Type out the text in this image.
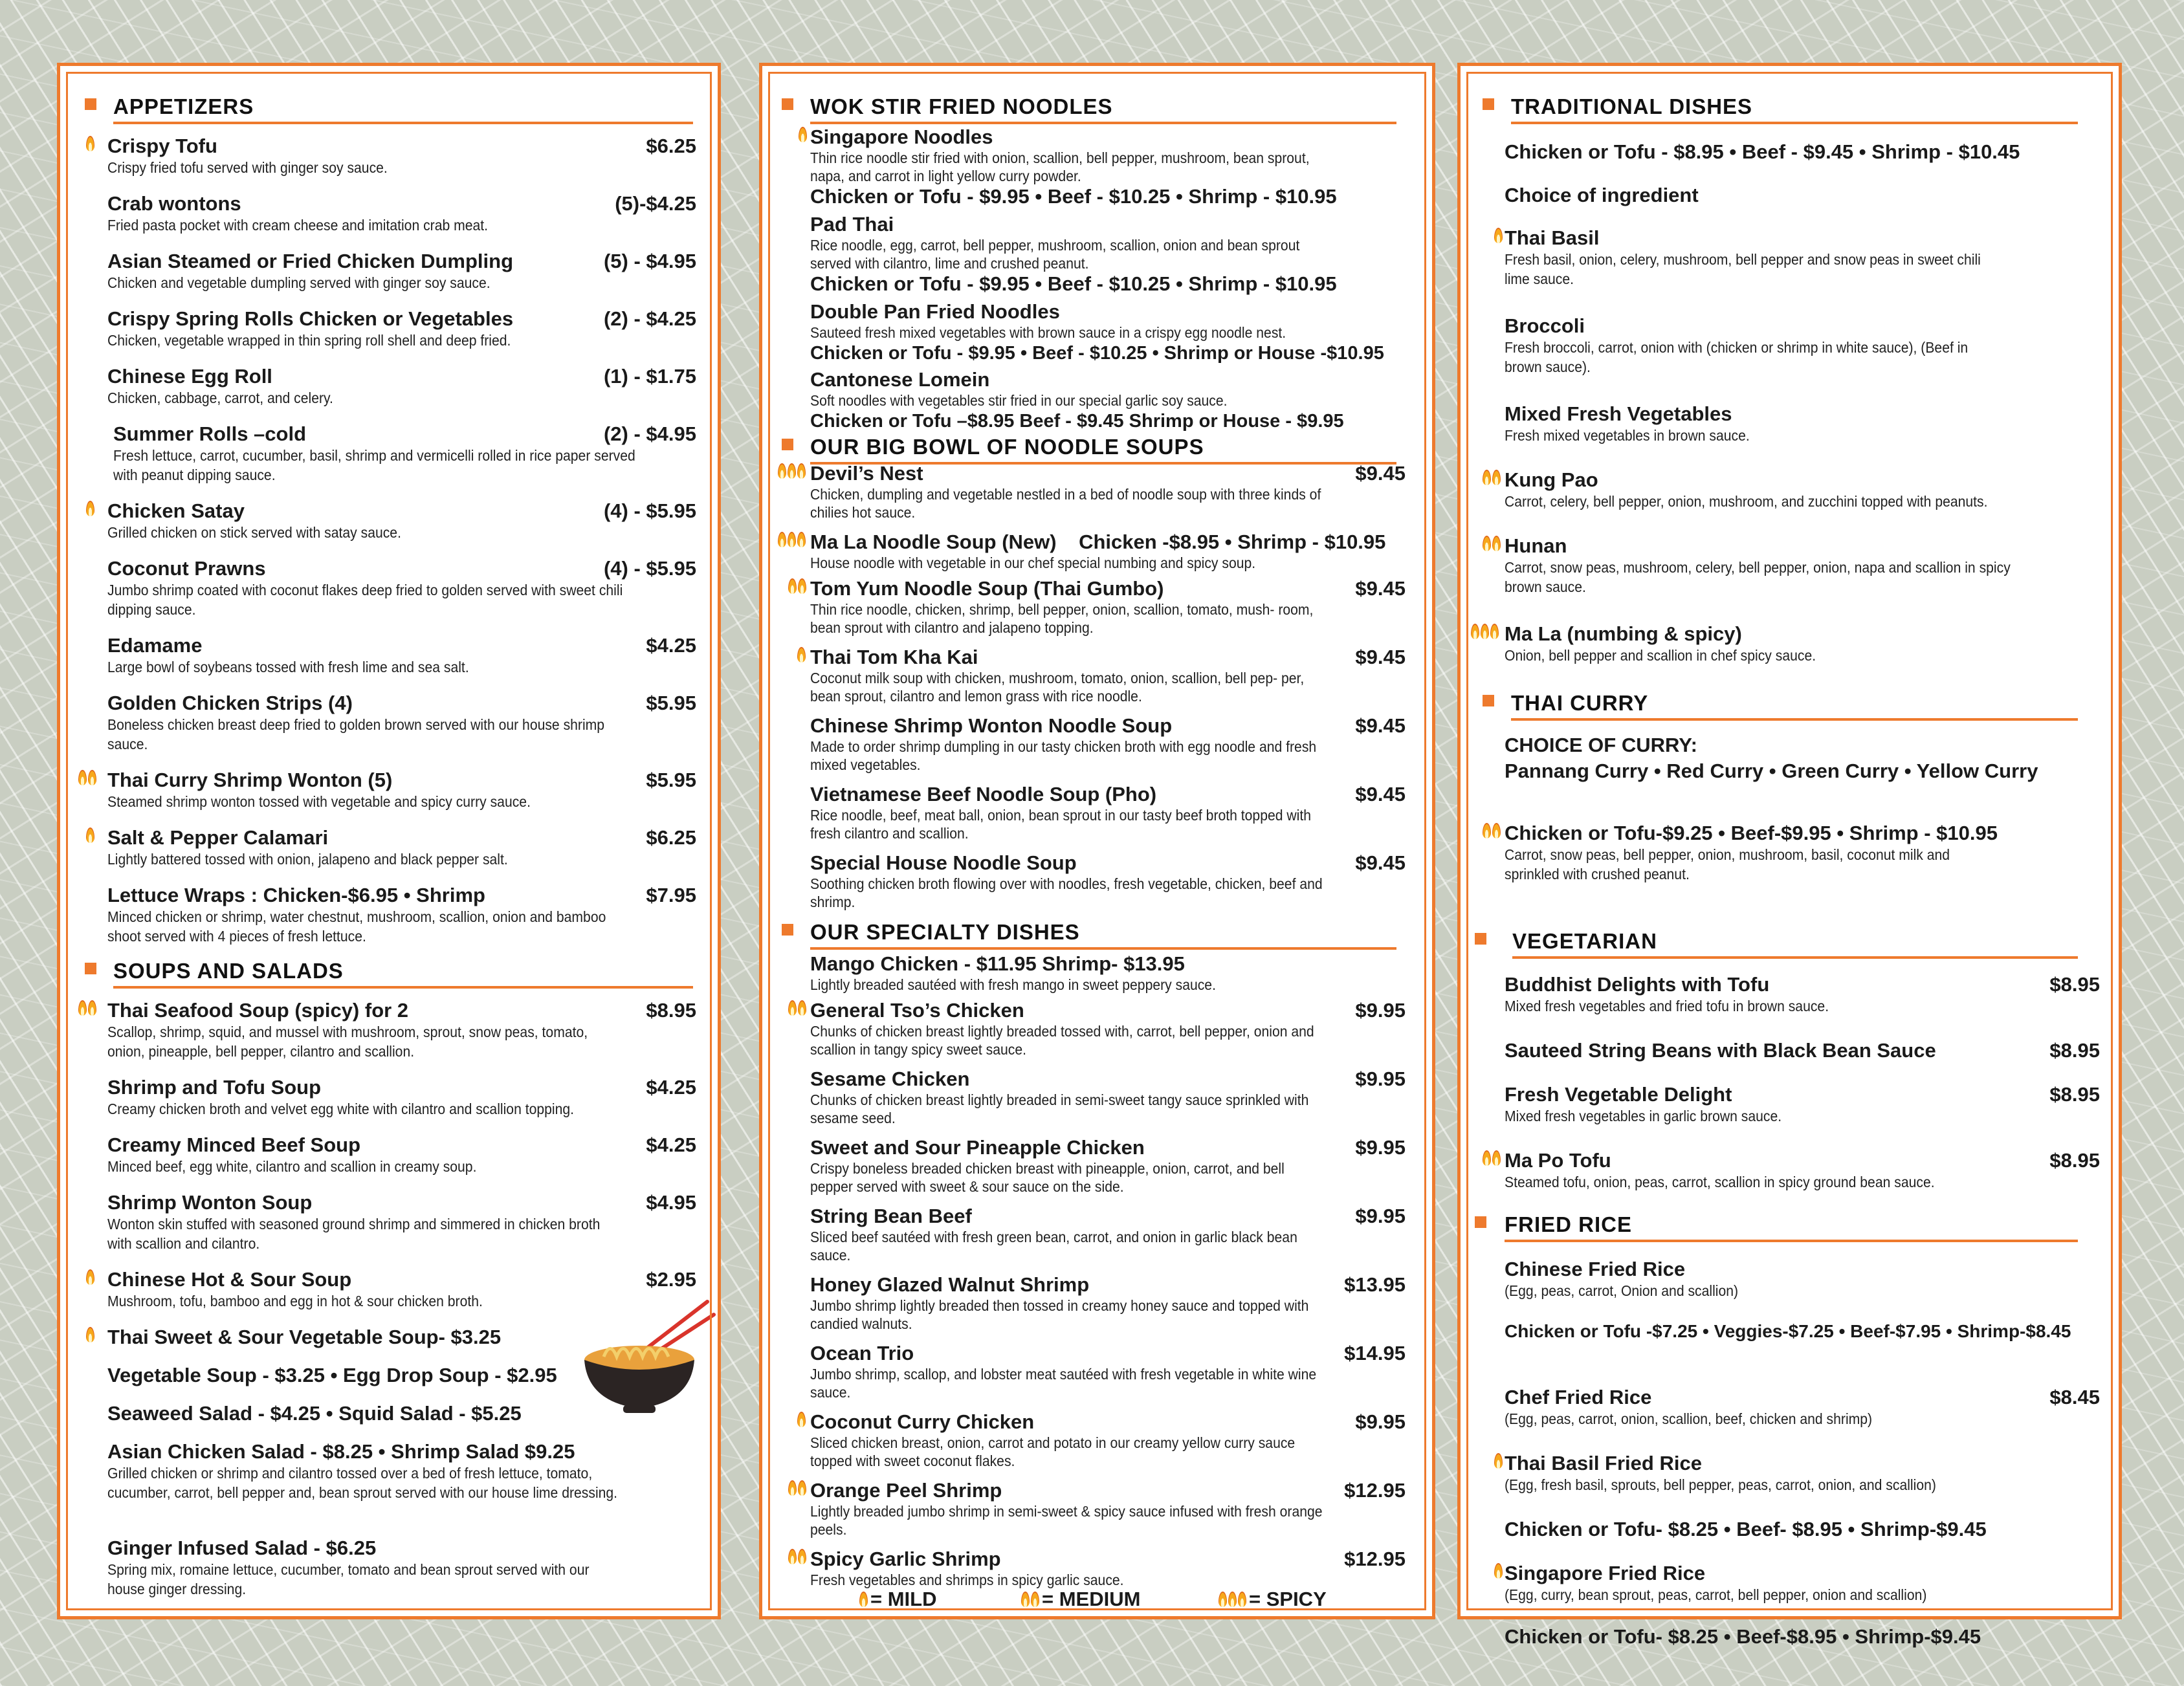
APPETIZERS
Crispy Tofu	$6.25
Crispy fried tofu served with ginger soy sauce.
Crab wontons	(5)-$4.25
Fried pasta pocket with cream cheese and imitation crab meat.
Asian Steamed or Fried Chicken Dumpling	(5) - $4.95
Chicken and vegetable dumpling served with ginger soy sauce.
Crispy Spring Rolls Chicken or Vegetables	(2) - $4.25
Chicken, vegetable wrapped in thin spring roll shell and deep fried.
Chinese Egg Roll	(1) - $1.75
Chicken, cabbage, carrot, and celery.
Summer Rolls –cold	(2) - $4.95
Fresh lettuce, carrot, cucumber, basil, shrimp and vermicelli rolled in rice paper served with peanut dipping sauce.
Chicken Satay	(4) - $5.95
Grilled chicken on stick served with satay sauce.
Coconut Prawns	(4) - $5.95
Jumbo shrimp coated with coconut flakes deep fried to golden served with sweet chili dipping sauce.
Edamame	$4.25
Large bowl of soybeans tossed with fresh lime and sea salt.
Golden Chicken Strips (4)	$5.95
Boneless chicken breast deep fried to golden brown served with our house shrimp sauce.
Thai Curry Shrimp Wonton (5)	$5.95
Steamed shrimp wonton tossed with vegetable and spicy curry sauce.
Salt & Pepper Calamari	$6.25
Lightly battered tossed with onion, jalapeno and black pepper salt.
Lettuce Wraps : Chicken-$6.95 • Shrimp	$7.95
Minced chicken or shrimp, water chestnut, mushroom, scallion, onion and bamboo shoot served with 4 pieces of fresh lettuce.
SOUPS AND SALADS
Thai Seafood Soup (spicy) for 2	$8.95
Scallop, shrimp, squid, and mussel with mushroom, sprout, snow peas, tomato, onion, pineapple, bell pepper, cilantro and scallion.
Shrimp and Tofu Soup	$4.25
Creamy chicken broth and velvet egg white with cilantro and scallion topping.
Creamy Minced Beef Soup	$4.25
Minced beef, egg white, cilantro and scallion in creamy soup.
Shrimp Wonton Soup	$4.95
Wonton skin stuffed with seasoned ground shrimp and simmered in chicken broth with scallion and cilantro.
Chinese Hot & Sour Soup	$2.95
Mushroom, tofu, bamboo and egg in hot & sour chicken broth.
Thai Sweet & Sour Vegetable Soup- $3.25
Vegetable Soup - $3.25 • Egg Drop Soup - $2.95
Seaweed Salad - $4.25 • Squid Salad - $5.25
Asian Chicken Salad - $8.25 • Shrimp Salad $9.25
Grilled chicken or shrimp and cilantro tossed over a bed of fresh lettuce, tomato, cucumber, carrot, bell pepper and, bean sprout served with our house lime dressing.
Ginger Infused Salad - $6.25
Spring mix, romaine lettuce, cucumber, tomato and bean sprout served with our house ginger dressing.
WOK STIR FRIED NOODLES
Singapore Noodles
Thin rice noodle stir fried with onion, scallion, bell pepper, mushroom, bean sprout, napa, and carrot in light yellow curry powder.
Chicken or Tofu - $9.95 • Beef - $10.25 • Shrimp - $10.95
Pad Thai
Rice noodle, egg, carrot, bell pepper, mushroom, scallion, onion and bean sprout served with cilantro, lime and crushed peanut.
Chicken or Tofu - $9.95 • Beef - $10.25 • Shrimp - $10.95
Double Pan Fried Noodles
Sauteed fresh mixed vegetables with brown sauce in a crispy egg noodle nest.
Chicken or Tofu - $9.95 • Beef - $10.25 • Shrimp or House -$10.95
Cantonese Lomein
Soft noodles with vegetables stir fried in our special garlic soy sauce.
Chicken or Tofu –$8.95 Beef - $9.45 Shrimp or House - $9.95
OUR BIG BOWL OF NOODLE SOUPS
Devil’s Nest	$9.45
Chicken, dumpling and vegetable nestled in a bed of noodle soup with three kinds of chilies hot sauce.
Ma La Noodle Soup (New)    Chicken -$8.95 • Shrimp - $10.95
House noodle with vegetable in our chef special numbing and spicy soup.
Tom Yum Noodle Soup (Thai Gumbo)	$9.45
Thin rice noodle, chicken, shrimp, bell pepper, onion, scallion, tomato, mush- room, bean sprout with cilantro and jalapeno topping.
Thai Tom Kha Kai	$9.45
Coconut milk soup with chicken, mushroom, tomato, onion, scallion, bell pep- per, bean sprout, cilantro and lemon grass with rice noodle.
Chinese Shrimp Wonton Noodle Soup	$9.45
Made to order shrimp dumpling in our tasty chicken broth with egg noodle and fresh mixed vegetables.
Vietnamese Beef Noodle Soup (Pho)	$9.45
Rice noodle, beef, meat ball, onion, bean sprout in our tasty beef broth topped with fresh cilantro and scallion.
Special House Noodle Soup	$9.45
Soothing chicken broth flowing over with noodles, fresh vegetable, chicken, beef and shrimp.
OUR SPECIALTY DISHES
Mango Chicken - $11.95 Shrimp- $13.95
Lightly breaded sautéed with fresh mango in sweet peppery sauce.
General Tso’s Chicken	$9.95
Chunks of chicken breast lightly breaded tossed with, carrot, bell pepper, onion and scallion in tangy spicy sweet sauce.
Sesame Chicken	$9.95
Chunks of chicken breast lightly breaded in semi-sweet tangy sauce sprinkled with sesame seed.
Sweet and Sour Pineapple Chicken	$9.95
Crispy boneless breaded chicken breast with pineapple, onion, carrot, and bell pepper served with sweet & sour sauce on the side.
String Bean Beef	$9.95
Sliced beef sautéed with fresh green bean, carrot, and onion in garlic black bean sauce.
Honey Glazed Walnut Shrimp	$13.95
Jumbo shrimp lightly breaded then tossed in creamy honey sauce and topped with candied walnuts.
Ocean Trio	$14.95
Jumbo shrimp, scallop, and lobster meat sautéed with fresh vegetable in white wine sauce.
Coconut Curry Chicken	$9.95
Sliced chicken breast, onion, carrot and potato in our creamy yellow curry sauce topped with sweet coconut flakes.
Orange Peel Shrimp	$12.95
Lightly breaded jumbo shrimp in semi-sweet & spicy sauce infused with fresh orange peels.
Spicy Garlic Shrimp	$12.95
Fresh vegetables and shrimps in spicy garlic sauce.
= MILD	= MEDIUM	= SPICY
TRADITIONAL DISHES
Chicken or Tofu - $8.95 • Beef - $9.45 • Shrimp - $10.45
Choice of ingredient
Thai Basil
Fresh basil, onion, celery, mushroom, bell pepper and snow peas in sweet chili lime sauce.
Broccoli
Fresh broccoli, carrot, onion with (chicken or shrimp in white sauce), (Beef in brown sauce).
Mixed Fresh Vegetables
Fresh mixed vegetables in brown sauce.
Kung Pao
Carrot, celery, bell pepper, onion, mushroom, and zucchini topped with peanuts.
Hunan
Carrot, snow peas, mushroom, celery, bell pepper, onion, napa and scallion in spicy brown sauce.
Ma La (numbing & spicy)
Onion, bell pepper and scallion in chef spicy sauce.
THAI CURRY
CHOICE OF CURRY:
Pannang Curry • Red Curry • Green Curry • Yellow Curry
Chicken or Tofu-$9.25 • Beef-$9.95 • Shrimp - $10.95
Carrot, snow peas, bell pepper, onion, mushroom, basil, coconut milk and sprinkled with crushed peanut.
VEGETARIAN
Buddhist Delights with Tofu	$8.95
Mixed fresh vegetables and fried tofu in brown sauce.
Sauteed String Beans with Black Bean Sauce	$8.95
Fresh Vegetable Delight	$8.95
Mixed fresh vegetables in garlic brown sauce.
Ma Po Tofu	$8.95
Steamed tofu, onion, peas, carrot, scallion in spicy ground bean sauce.
FRIED RICE
Chinese Fried Rice
(Egg, peas, carrot, Onion and scallion)
Chicken or Tofu -$7.25 • Veggies-$7.25 • Beef-$7.95 • Shrimp-$8.45
Chef Fried Rice	$8.45
(Egg, peas, carrot, onion, scallion, beef, chicken and shrimp)
Thai Basil Fried Rice
(Egg, fresh basil, sprouts, bell pepper, peas, carrot, onion, and scallion)
Chicken or Tofu- $8.25 • Beef- $8.95 • Shrimp-$9.45
Singapore Fried Rice
(Egg, curry, bean sprout, peas, carrot, bell pepper, onion and scallion)
Chicken or Tofu- $8.25 • Beef-$8.95 • Shrimp-$9.45
